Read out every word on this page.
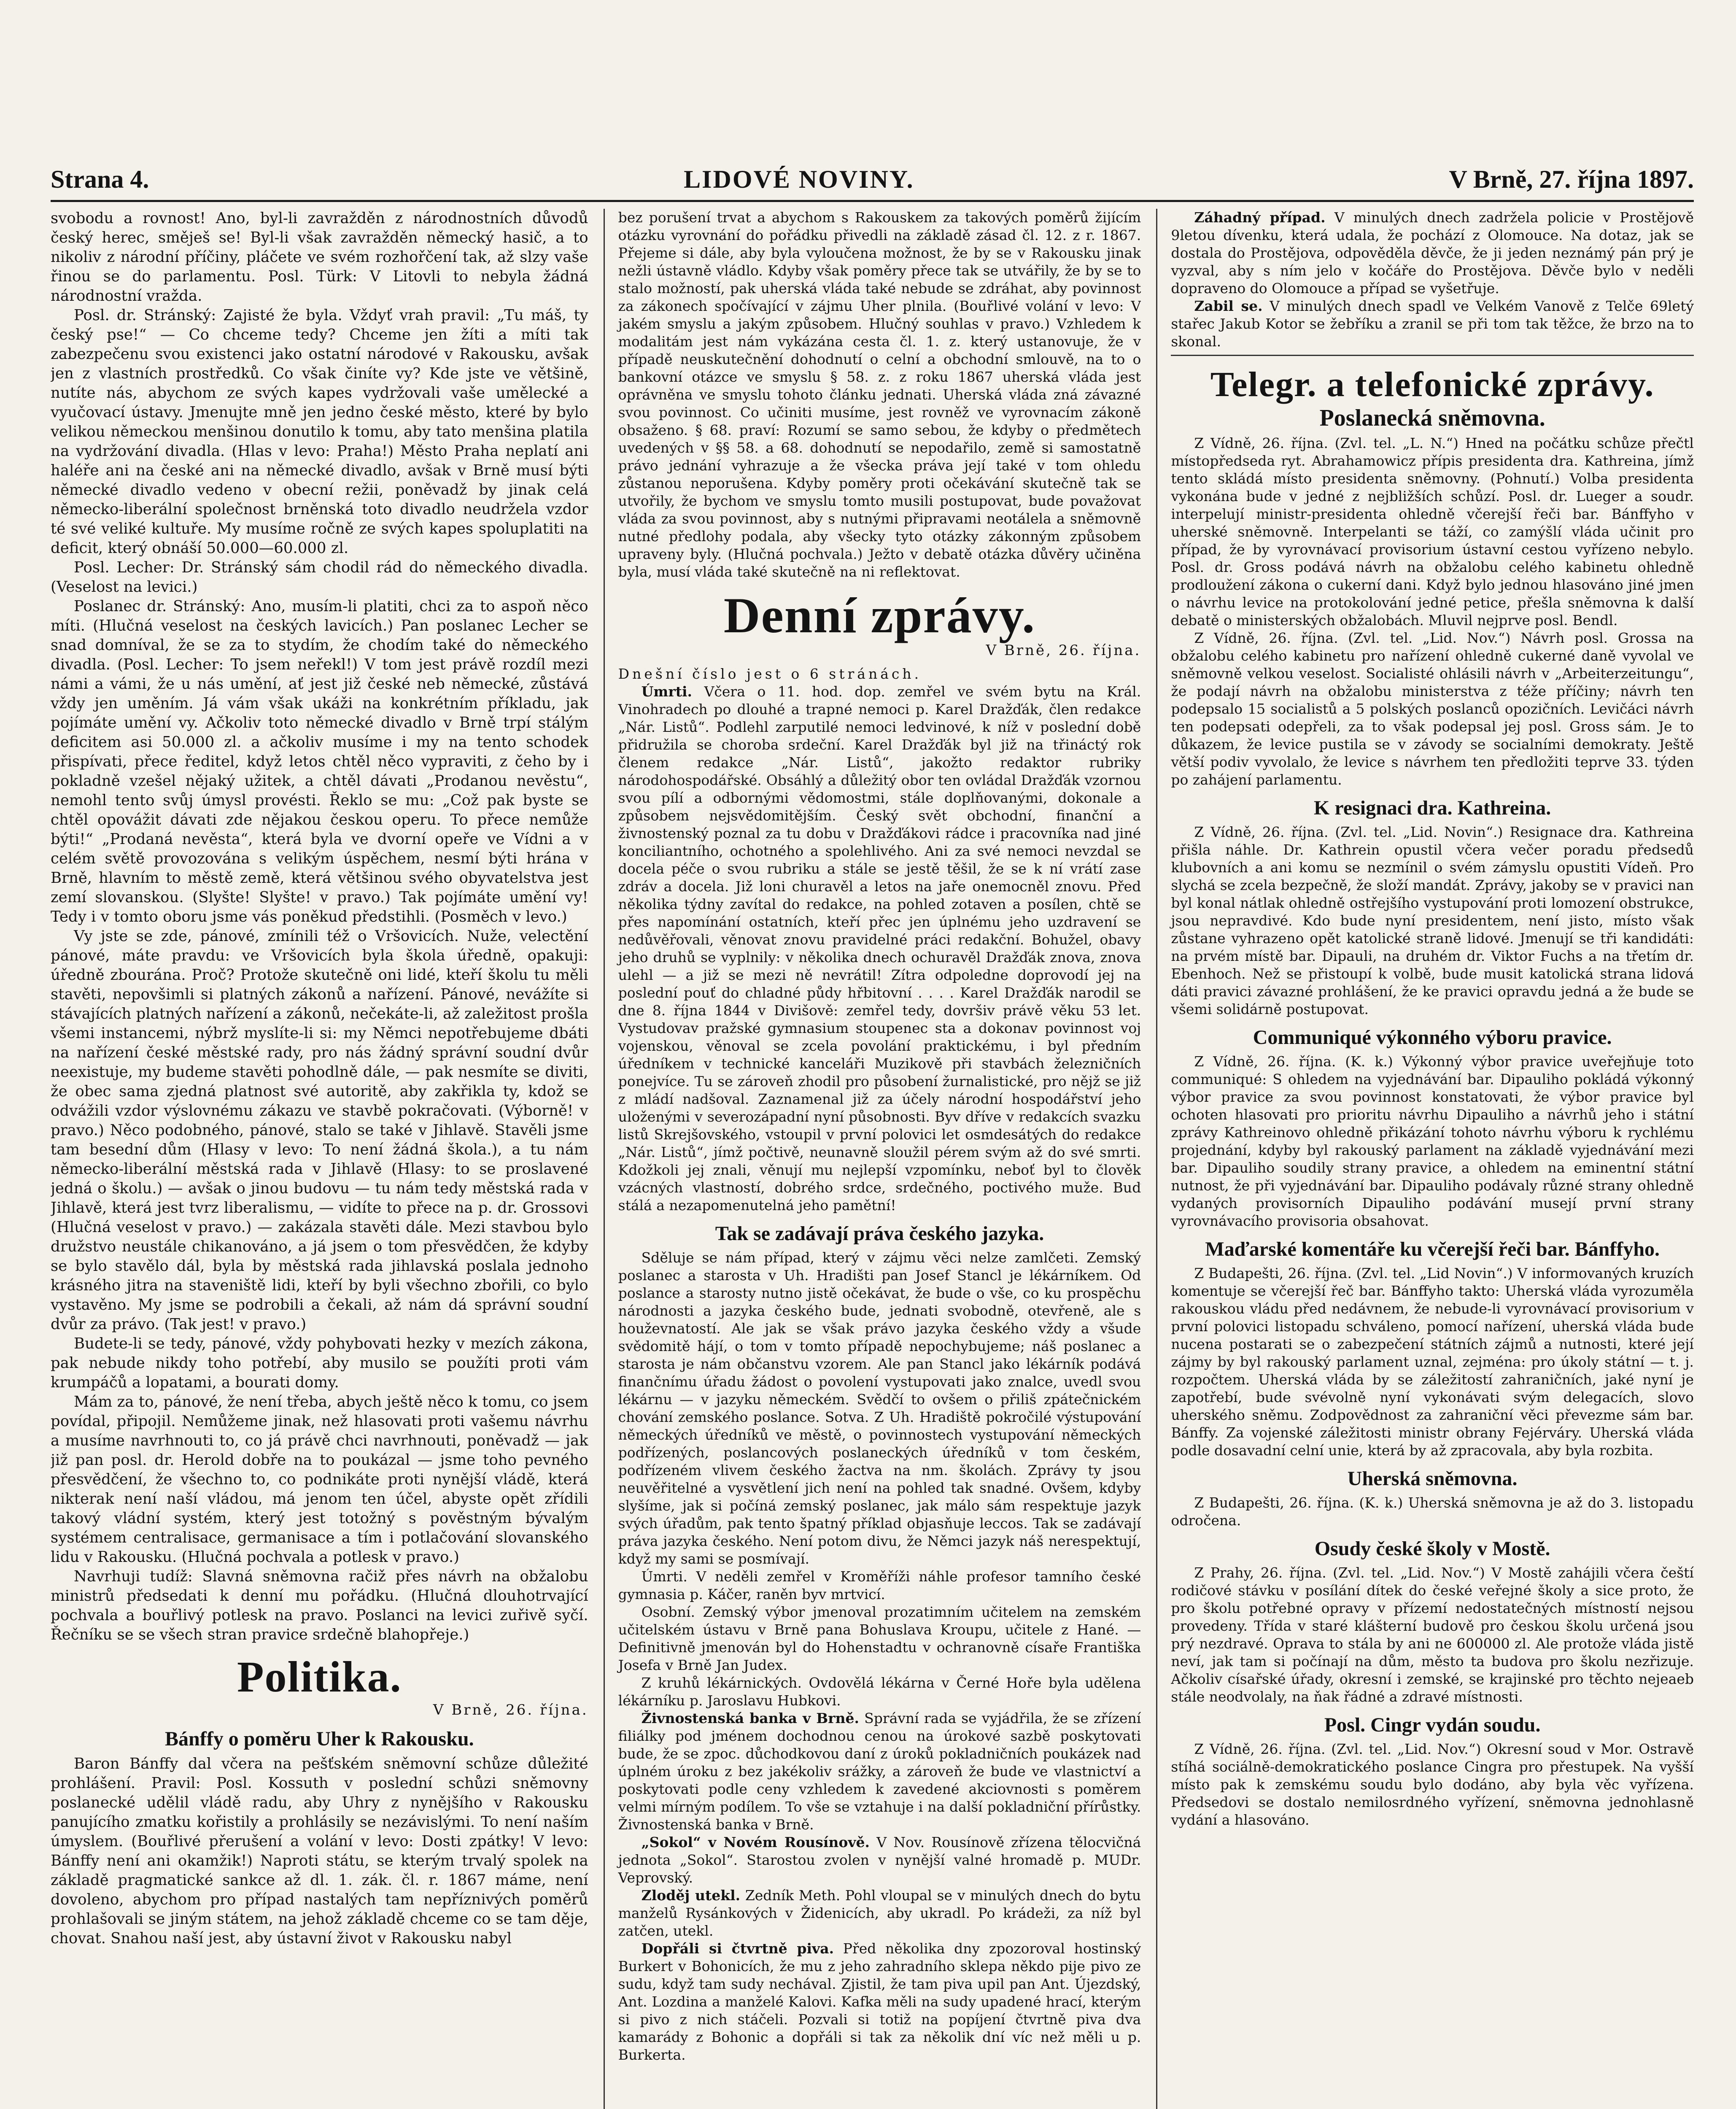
Strana 4.	LIDOVÉ NOVINY.	V Brně, 27. října 1897.

svobodu a rovnost! Ano, byl-li zavražděn z národnostních důvodů český herec, směješ se! Byl-li však zavražděn německý hasič, a to nikoliv z národní příčiny, pláčete ve svém rozhořčení tak, až slzy vaše řinou se do parlamentu. Posl. Türk: V Litovli to nebyla žádná národnostní vražda.

Posl. dr. Stránský: Zajisté že byla. Vždyť vrah pravil: „Tu máš, ty český pse!“ — Co chceme tedy? Chceme jen žíti a míti tak zabezpečenu svou existenci jako ostatní národové v Rakousku, avšak jen z vlastních prostředků. Co však činíte vy? Kde jste ve většině, nutíte nás, abychom ze svých kapes vydržovali vaše umělecké a vyučovací ústavy. Jmenujte mně jen jedno české město, které by bylo velikou německou menšinou donutilo k tomu, aby tato menšina platila na vydržování divadla. (Hlas v levo: Praha!) Město Praha neplatí ani haléře ani na české ani na německé divadlo, avšak v Brně musí býti německé divadlo vedeno v obecní režii, poněvadž by jinak celá německo-liberální společnost brněnská toto divadlo neudržela vzdor té své veliké kultuře. My musíme ročně ze svých kapes spoluplatiti na deficit, který obnáší 50.000—60.000 zl.

Posl. Lecher: Dr. Stránský sám chodil rád do německého divadla. (Veselost na levici.)

Poslanec dr. Stránský: Ano, musím-li platiti, chci za to aspoň něco míti. (Hlučná veselost na českých lavicích.) Pan poslanec Lecher se snad domníval, že se za to stydím, že chodím také do německého divadla. (Posl. Lecher: To jsem neřekl!) V tom jest právě rozdíl mezi námi a vámi, že u nás umění, ať jest již české neb německé, zůstává vždy jen uměním. Já vám však ukáži na konkrétním příkladu, jak pojímáte umění vy. Ačkoliv toto německé divadlo v Brně trpí stálým deficitem asi 50.000 zl. a ačkoliv musíme i my na tento schodek přispívati, přece ředitel, když letos chtěl něco vypraviti, z čeho by i pokladně vzešel nějaký užitek, a chtěl dávati „Prodanou nevěstu“, nemohl tento svůj úmysl provésti. Řeklo se mu: „Což pak byste se chtěl opovážit dávati zde nějakou českou operu. To přece nemůže býti!“ „Prodaná nevěsta“, která byla ve dvorní opeře ve Vídni a v celém světě provozována s velikým úspěchem, nesmí býti hrána v Brně, hlavním to městě země, která většinou svého obyvatelstva jest zemí slovanskou. (Slyšte! Slyšte! v pravo.) Tak pojímáte umění vy! Tedy i v tomto oboru jsme vás poněkud předstihli. (Posměch v levo.)

Vy jste se zde, pánové, zmínili též o Vršovicích. Nuže, velectění pánové, máte pravdu: ve Vršovicích byla škola úředně, opakuji: úředně zbourána. Proč? Protože skutečně oni lidé, kteří školu tu měli stavěti, nepovšimli si platných zákonů a nařízení. Pánové, nevážíte si stávajících platných nařízení a zákonů, nečekáte-li, až zaležitost prošla všemi instancemi, nýbrž myslíte-li si: my Němci nepotřebujeme dbáti na nařízení české městské rady, pro nás žádný správní soudní dvůr neexistuje, my budeme stavěti pohodlně dále, — pak nesmíte se diviti, že obec sama zjedná platnost své autoritě, aby zakřikla ty, kdož se odvážili vzdor výslovnému zákazu ve stavbě pokračovati. (Výborně! v pravo.) Něco podobného, pánové, stalo se také v Jihlavě. Stavěli jsme tam besední dům (Hlasy v levo: To není žádná škola.), a tu nám německo-liberální městská rada v Jihlavě (Hlasy: to se proslavené jedná o školu.) — avšak o jinou budovu — tu nám tedy městská rada v Jihlavě, která jest tvrz liberalismu, — vidíte to přece na p. dr. Grossovi (Hlučná veselost v pravo.) — zakázala stavěti dále. Mezi stavbou bylo družstvo neustále chikanováno, a já jsem o tom přesvědčen, že kdyby se bylo stavělo dál, byla by městská rada jihlavská poslala jednoho krásného jitra na staveniště lidi, kteří by byli všechno zbořili, co bylo vystavěno. My jsme se podrobili a čekali, až nám dá správní soudní dvůr za právo. (Tak jest! v pravo.)

Budete-li se tedy, pánové, vždy pohybovati hezky v mezích zákona, pak nebude nikdy toho potřebí, aby musilo se použíti proti vám krumpáčů a lopatami, a bourati domy.

Mám za to, pánové, že není třeba, abych ještě něco k tomu, co jsem povídal, připojil. Nemůžeme jinak, než hlasovati proti vašemu návrhu a musíme navrhnouti to, co já právě chci navrhnouti, poněvadž — jak již pan posl. dr. Herold dobře na to poukázal — jsme toho pevného přesvědčení, že všechno to, co podnikáte proti nynější vládě, která nikterak není naší vládou, má jenom ten účel, abyste opět zřídili takový vládní systém, který jest totožný s pověstným bývalým systémem centralisace, germanisace a tím i potlačování slovanského lidu v Rakousku. (Hlučná pochvala a potlesk v pravo.)

Navrhuji tudíž: Slavná sněmovna račiž přes návrh na obžalobu ministrů předsedati k denní mu pořádku. (Hlučná dlouhotrvající pochvala a bouřlivý potlesk na pravo. Poslanci na levici zuřivě syčí. Řečníku se se všech stran pravice srdečně blahopřeje.)

Politika.
V Brně, 26. října.
Bánffy o poměru Uher k Rakousku.

Baron Bánffy dal včera na pešťském sněmovní schůze důležité prohlášení. Pravil: Posl. Kossuth v poslední schůzi sněmovny poslanecké udělil vládě radu, aby Uhry z nynějšího v Rakousku panujícího zmatku kořistily a prohlásily se nezávislými. To není naším úmyslem. (Bouřlivé přerušení a volání v levo: Dosti zpátky! V levo: Bánffy není ani okamžik!) Naproti státu, se kterým trvalý spolek na základě pragmatické sankce až dl. 1. zák. čl. r. 1867 máme, není dovoleno, abychom pro případ nastalých tam nepříznivých poměrů prohlašovali se jiným státem, na jehož základě chceme co se tam děje, chovat. Snahou naší jest, aby ústavní život v Rakousku nabyl

bez porušení trvat a abychom s Rakouskem za takových poměrů žijícím otázku vyrovnání do pořádku přivedli na základě zásad čl. 12. z r. 1867. Přejeme si dále, aby byla vyloučena možnost, že by se v Rakousku jinak nežli ústavně vládlo. Kdyby však poměry přece tak se utvářily, že by se to stalo možností, pak uherská vláda také nebude se zdráhat, aby povinnost za zákonech spočívající v zájmu Uher plnila. (Bouřlivé volání v levo: V jakém smyslu a jakým způsobem. Hlučný souhlas v pravo.) Vzhledem k modalitám jest nám vykázána cesta čl. 1. z. který ustanovuje, že v případě neuskutečnění dohodnutí o celní a obchodní smlouvě, na to o bankovní otázce ve smyslu § 58. z. z roku 1867 uherská vláda jest oprávněna ve smyslu tohoto článku jednati. Uherská vláda zná závazné svou povinnost. Co učiniti musíme, jest rovněž ve vyrovnacím zákoně obsaženo. § 68. praví: Rozumí se samo sebou, že kdyby o předmětech uvedených v §§ 58. a 68. dohodnutí se nepodařilo, země si samostatně právo jednání vyhrazuje a že všecka práva její také v tom ohledu zůstanou neporušena. Kdyby poměry proti očekávání skutečně tak se utvořily, že bychom ve smyslu tomto musili postupovat, bude považovat vláda za svou povinnost, aby s nutnými připravami neotálela a sněmovně nutné předlohy podala, aby všecky tyto otázky zákonným způsobem upraveny byly. (Hlučná pochvala.) Ježto v debatě otázka důvěry učiněna byla, musí vláda také skutečně na ni reflektovat.

Denní zprávy.
V Brně, 26. října.

Dnešní číslo jest o 6 stránách.

Úmrti. Včera o 11. hod. dop. zemřel ve svém bytu na Král. Vinohradech po dlouhé a trapné nemoci p. Karel Dražďák, člen redakce „Nár. Listů“. Podlehl zarputilé nemoci ledvinové, k níž v poslední době přidružila se choroba srdeční. Karel Dražďák byl již na třináctý rok členem redakce „Nár. Listů“, jakožto redaktor rubriky národohospodářské. Obsáhlý a důležitý obor ten ovládal Dražďák vzornou svou pílí a odbornými vědomostmi, stále doplňovanými, dokonale a způsobem nejsvědomitějším. Český svět obchodní, finanční a živnostenský poznal za tu dobu v Dražďákovi rádce i pracovníka nad jiné konciliantního, ochotného a spolehlivého. Ani za své nemoci nevzdal se docela péče o svou rubriku a stále se jestě těšil, že se k ní vrátí zase zdráv a docela. Již loni churavěl a letos na jaře onemocněl znovu. Před několika týdny zavítal do redakce, na pohled zotaven a posílen, chtě se přes napomínání ostatních, kteří přec jen úplnému jeho uzdravení se nedůvěřovali, věnovat znovu pravidelné práci redakční. Bohužel, obavy jeho druhů se vyplnily: v několika dnech ochuravěl Dražďák znova, znova ulehl — a již se mezi ně nevrátil! Zítra odpoledne doprovodí jej na poslední pouť do chladné půdy hřbitovní . . . . Karel Dražďák narodil se dne 8. října 1844 v Divišově: zemřel tedy, dovršiv právě věku 53 let. Vystudovav pražské gymnasium stoupenec sta a dokonav povinnost voj vojenskou, věnoval se zcela povolání praktickému, i byl předním úředníkem v technické kanceláři Muzikově při stavbách železničních ponejvíce. Tu se zároveň zhodil pro působení žurnalistické, pro nějž se již z mládí nadšoval. Zaznamenal již za účely národní hospodářství jeho uloženými v severozápadní nyní působnosti. Byv dříve v redakcích svazku listů Skrejšovského, vstoupil v první polovici let osmdesátých do redakce „Nár. Listů“, jímž počtivě, neunavně sloužil pérem svým až do své smrti. Kdožkoli jej znali, věnují mu nejlepší vzpomínku, neboť byl to člověk vzácných vlastností, dobrého srdce, srdečného, poctivého muže. Buď stálá a nezapomenutelná jeho pamětní!

Tak se zadávají práva českého jazyka.

Sděluje se nám případ, který v zájmu věci nelze zamlčeti. Zemský poslanec a starosta v Uh. Hradišti pan Josef Stancl je lékárníkem. Od poslance a starosty nutno jistě očekávat, že bude o vše, co ku prospěchu národnosti a jazyka českého bude, jednati svobodně, otevřeně, ale s houževnatostí. Ale jak se však právo jazyka českého vždy a všude svědomitě hájí, o tom v tomto případě nepochybujeme; náš poslanec a starosta je nám občanstvu vzorem. Ale pan Stancl jako lékárník podává finančnímu úřadu žádost o povolení vystupovati jako znalce, uvedl svou lékárnu — v jazyku německém. Svědčí to ovšem o přiliš zpátečnickém chování zemského poslance. Sotva. Z Uh. Hradiště pokročilé výstupování německých úředníků ve městě, o povinnostech vystupování německých podřízených, poslancových poslaneckých úředníků v tom českém, podřízeném vlivem českého žactva na nm. školách. Zprávy ty jsou neuvěřitelné a vysvětlení jich není na pohled tak snadné. Ovšem, kdyby slyšíme, jak si počíná zemský poslanec, jak málo sám respektuje jazyk svých úřadům, pak tento špatný příklad objasňuje leccos. Tak se zadávají práva jazyka českého. Není potom divu, že Němci jazyk náš nerespektují, když my sami se posmívají.

Úmrti. V neděli zemřel v Kroměříži náhle profesor tamního české gymnasia p. Káčer, raněn byv mrtvicí.

Osobní. Zemský výbor jmenoval prozatimním učitelem na zemském učitelském ústavu v Brně pana Bohuslava Kroupu, učitele z Hané. — Definitivně jmenován byl do Hohenstadtu v ochranovně císaře Františka Josefa v Brně Jan Judex.

Z kruhů lékárnických. Ovdovělá lékárna v Černé Hoře byla udělena lékárníku p. Jaroslavu Hubkovi.

Živnostenská banka v Brně. Správní rada se vyjádřila, že se zřízení filiálky pod jménem dochodnou cenou na úrokové sazbě poskytovati bude, že se zpoc. důchodkovou daní z úroků pokladničních poukázek nad úplném úroku z bez jakékoliv srážky, a zároveň že bude ve vlastnictví a poskytovati podle ceny vzhledem k zavedené akciovnosti s poměrem velmi mírným podílem. To vše se vztahuje i na další pokladniční přírůstky. Živnostenská banka v Brně.

„Sokol“ v Novém Rousínově. V Nov. Rousínově zřízena tělocvičná jednota „Sokol“. Starostou zvolen v nynější valné hromadě p. MUDr. Veprovský.

Zloděj utekl. Zedník Meth. Pohl vloupal se v minulých dnech do bytu manželů Rysánkových v Židenicích, aby ukradl. Po krádeži, za níž byl zatčen, utekl.

Dopřáli si čtvrtně piva. Před několika dny zpozoroval hostinský Burkert v Bohonicích, že mu z jeho zahradního sklepa někdo pije pivo ze sudu, když tam sudy nechával. Zjistil, že tam piva upil pan Ant. Újezdský, Ant. Lozdina a manželé Kalovi. Kafka měli na sudy upadené hrací, kterým si pivo z nich stáčeli. Pozvali si totiž na popíjení čtvrtně piva dva kamarády z Bohonic a dopřáli si tak za několik dní víc než měli u p. Burkerta.

Záhadný případ. V minulých dnech zadržela policie v Prostějově 9letou dívenku, která udala, že pochází z Olomouce. Na dotaz, jak se dostala do Prostějova, odpověděla děvče, že ji jeden neznámý pán prý je vyzval, aby s ním jelo v kočáře do Prostějova. Děvče bylo v neděli dopraveno do Olomouce a případ se vyšetřuje.

Zabil se. V minulých dnech spadl ve Velkém Vanově z Telče 69letý stařec Jakub Kotor se žebříku a zranil se při tom tak těžce, že brzo na to skonal.

Telegr. a telefonické zprávy.
Poslanecká sněmovna.

Z Vídně, 26. října. (Zvl. tel. „L. N.“) Hned na počátku schůze přečtl místopředseda ryt. Abrahamowicz přípis presidenta dra. Kathreina, jímž tento skládá místo presidenta sněmovny. (Pohnutí.) Volba presidenta vykonána bude v jedné z nejbližších schůzí. Posl. dr. Lueger a soudr. interpelují ministr-presidenta ohledně včerejší řeči bar. Bánffyho v uherské sněmovně. Interpelanti se táží, co zamýšlí vláda učinit pro případ, že by vyrovnávací provisorium ústavní cestou vyřízeno nebylo. Posl. dr. Gross podává návrh na obžalobu celého kabinetu ohledně prodloužení zákona o cukerní dani. Když bylo jednou hlasováno jiné jmen o návrhu levice na protokolování jedné petice, přešla sněmovna k další debatě o ministerských obžalobách. Mluvil nejprve posl. Bendl.

Z Vídně, 26. října. (Zvl. tel. „Lid. Nov.“) Návrh posl. Grossa na obžalobu celého kabinetu pro nařízení ohledně cukerné daně vyvolal ve sněmovně velkou veselost. Socialisté ohlásili návrh v „Arbeiterzeitungu“, že podají návrh na obžalobu ministerstva z téže příčiny; návrh ten podepsalo 15 socialistů a 5 polských poslanců opozičních. Levičáci návrh ten podepsati odepřeli, za to však podepsal jej posl. Gross sám. Je to důkazem, že levice pustila se v závody se socialními demokraty. Ještě větší podiv vyvolalo, že levice s návrhem ten předložiti teprve 33. týden po zahájení parlamentu.

K resignaci dra. Kathreina.

Z Vídně, 26. října. (Zvl. tel. „Lid. Novin“.) Resignace dra. Kathreina přišla náhle. Dr. Kathrein opustil včera večer poradu předsedů klubovních a ani komu se nezmínil o svém zámyslu opustiti Vídeň. Pro slychá se zcela bezpečně, že složí mandát. Zprávy, jakoby se v pravici nan byl konal nátlak ohledně ostřejšího vystupování proti lomození obstrukce, jsou nepravdivé. Kdo bude nyní presidentem, není jisto, místo však zůstane vyhrazeno opět katolické straně lidové. Jmenují se tři kandidáti: na prvém místě bar. Dipauli, na druhém dr. Viktor Fuchs a na třetím dr. Ebenhoch. Než se přistoupí k volbě, bude musit katolická strana lidová dáti pravici závazné prohlášení, že ke pravici opravdu jedná a že bude se všemi solidárně postupovat.

Communiqué výkonného výboru pravice.

Z Vídně, 26. října. (K. k.) Výkonný výbor pravice uveřejňuje toto communiqué: S ohledem na vyjednávání bar. Dipauliho pokládá výkonný výbor pravice za svou povinnost konstatovati, že výbor pravice byl ochoten hlasovati pro prioritu návrhu Dipauliho a návrhů jeho i státní zprávy Kathreinovo ohledně přikázání tohoto návrhu výboru k rychlému projednání, kdyby byl rakouský parlament na základě vyjednávání mezi bar. Dipauliho soudily strany pravice, a ohledem na eminentní státní nutnost, že při vyjednávání bar. Dipauliho podávaly různé strany ohledně vydaných provisorních Dipauliho podávání musejí první strany vyrovnávacího provisoria obsahovat.

Maďarské komentáře ku včerejší řeči bar. Bánffyho.

Z Budapešti, 26. října. (Zvl. tel. „Lid Novin“.) V informovaných kruzích komentuje se včerejší řeč bar. Bánffyho takto: Uherská vláda vyrozuměla rakouskou vládu před nedávnem, že nebude-li vyrovnávací provisorium v první polovici listopadu schváleno, pomocí nařízení, uherská vláda bude nucena postarati se o zabezpečení státních zájmů a nutnosti, které její zájmy by byl rakouský parlament uznal, zejména: pro úkoly státní — t. j. rozpočtem. Uherská vláda by se záležitostí zahraničních, jaké nyní je zapotřebí, bude svévolně nyní vykonávati svým delegacích, slovo uherského sněmu. Zodpovědnost za zahraniční věci převezme sám bar. Bánffy. Za vojenské záležitosti ministr obrany Fejérváry. Uherská vláda podle dosavadní celní unie, která by až zpracovala, aby byla rozbita.

Uherská sněmovna.

Z Budapešti, 26. října. (K. k.) Uherská sněmovna je až do 3. listopadu odročena.

Osudy české školy v Mostě.

Z Prahy, 26. října. (Zvl. tel. „Lid. Nov.“) V Mostě zahájili včera čeští rodičové stávku v posílání dítek do české veřejné školy a sice proto, že pro školu potřebné opravy v přízemí nedostatečných místností nejsou provedeny. Třída v staré klášterní budově pro českou školu určená jsou prý nezdravé. Oprava to stála by ani ne 600000 zl. Ale protože vláda jistě neví, jak tam si počínají na dům, město ta budova pro školu nezřizuje. Ačkoliv císařské úřady, okresní i zemské, se krajinské pro těchto nejeaeb stále neodvolaly, na ňak řádné a zdravé místnosti.

Posl. Cingr vydán soudu.

Z Vídně, 26. října. (Zvl. tel. „Lid. Nov.“) Okresní soud v Mor. Ostravě stíhá sociálně-demokratického poslance Cingra pro přestupek. Na vyšší místo pak k zemskému soudu bylo dodáno, aby byla věc vyřízena. Předsedovi se dostalo nemilosrdného vyřízení, sněmovna jednohlasně vydání a hlasováno.
